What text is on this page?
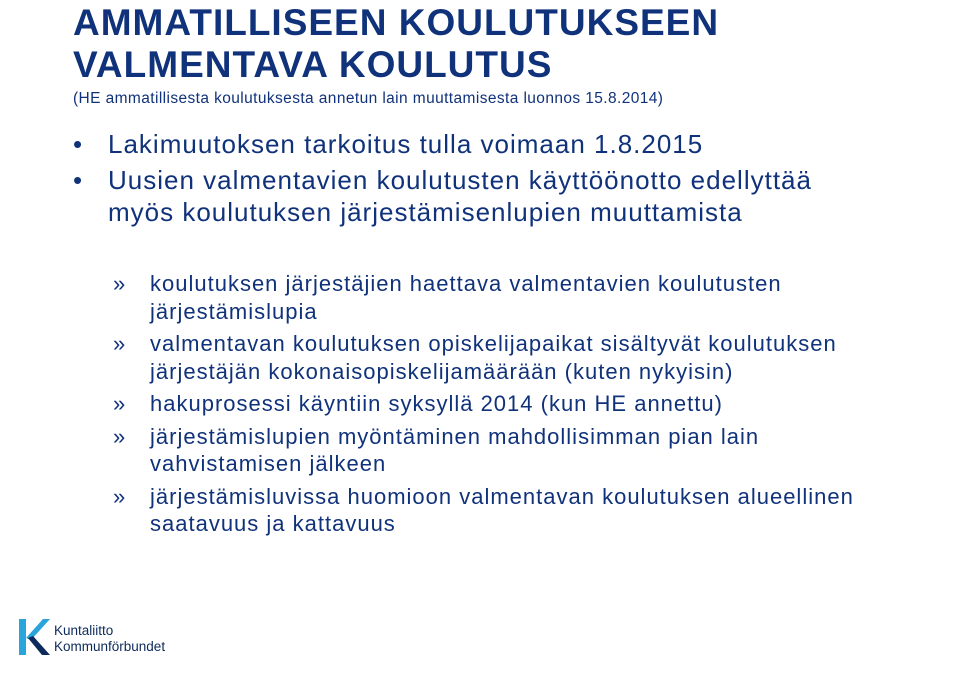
AMMATILLISEEN KOULUTUKSEEN
VALMENTAVA KOULUTUS
(HE ammatillisesta koulutuksesta annetun lain muuttamisesta luonnos 15.8.2014)
• Lakimuutoksen tarkoitus tulla voimaan 1.8.2015
• Uusien valmentavien koulutusten käyttöönotto edellyttää myös koulutuksen järjestämisenlupien muuttamista
» koulutuksen järjestäjien haettava valmentavien koulutusten järjestämislupia
» valmentavan koulutuksen opiskelijapaikat sisältyvät koulutuksen järjestäjän kokonaisopiskelijamäärään (kuten nykyisin)
» hakuprosessi käyntiin syksyllä 2014 (kun HE annettu)
» järjestämislupien myöntäminen mahdollisimman pian lain vahvistamisen jälkeen
» järjestämisluvissa huomioon valmentavan koulutuksen alueellinen saatavuus ja kattavuus
Kuntaliitto
Kommunförbundet
